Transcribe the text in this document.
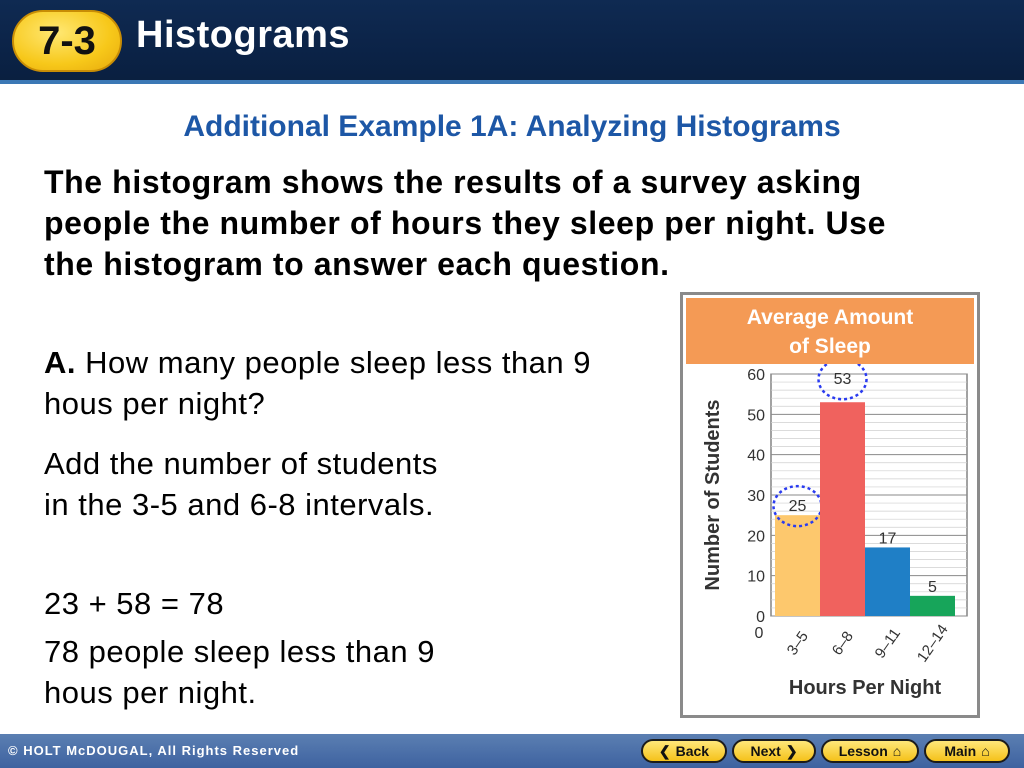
7-3 Histograms
Additional Example 1A: Analyzing Histograms
The histogram shows the results of a survey asking people the number of hours they sleep per night. Use the histogram to answer each question.
A. How many people sleep less than 9 hous per night?
Add the number of students in the 3-5 and 6-8 intervals.
23 + 58 = 78
78 people sleep less than 9 hous per night.
Average Amount
of Sleep
0
10
20
30
40
50
60
25
3–5
53
6–8
17
9–11
5
12–14
0
Number of Students
Hours Per Night
© HOLT McDOUGAL, All Rights Reserved	❮ Back	Next ❯	Lesson ⌂	Main ⌂
